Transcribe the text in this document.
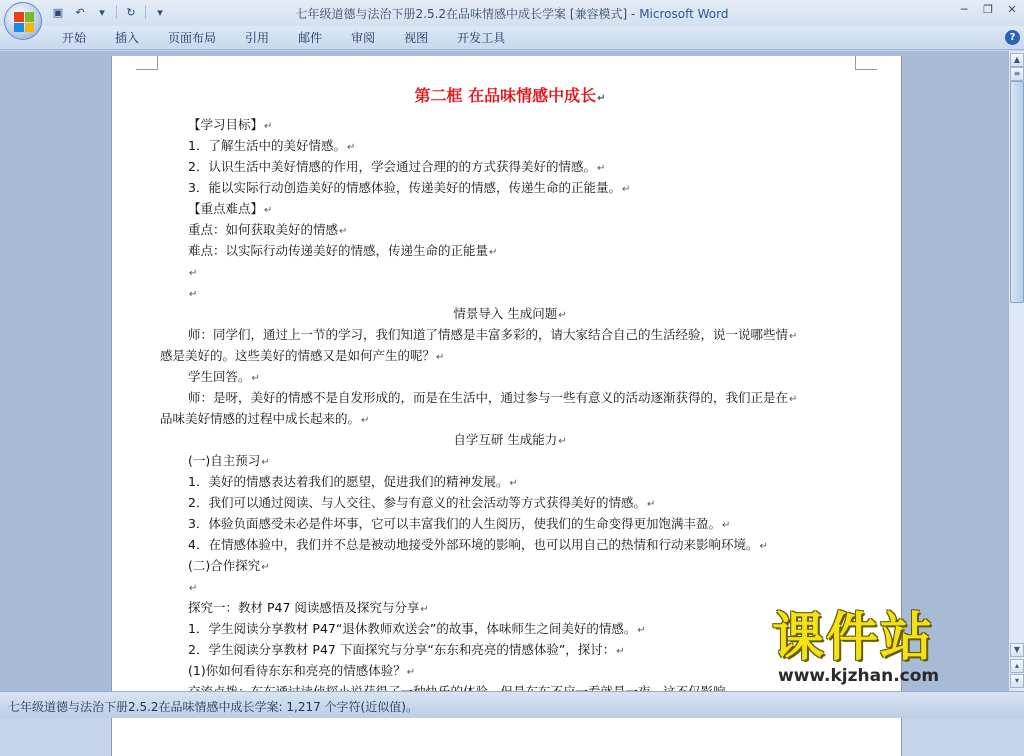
▣	↶	▾	↻	▾	七年级道德与法治下册2.5.2在品味情感中成长学案 [兼容模式] - Microsoft Word	─	❐	✕
开始	插入	页面布局	引用	邮件	审阅	视图	开发工具	?
第二框 在品味情感中成长↵
【学习目标】↵
1．了解生活中的美好情感。↵
2．认识生活中美好情感的作用，学会通过合理的的方式获得美好的情感。↵
3．能以实际行动创造美好的情感体验，传递美好的情感，传递生命的正能量。↵
【重点难点】↵
重点：如何获取美好的情感↵
难点：以实际行动传递美好的情感，传递生命的正能量↵
↵
↵
情景导入 生成问题↵
师：同学们，通过上一节的学习，我们知道了情感是丰富多彩的，请大家结合自己的生活经验，说一说哪些情↵
感是美好的。这些美好的情感又是如何产生的呢？↵
学生回答。↵
师：是呀，美好的情感不是自发形成的，而是在生活中，通过参与一些有意义的活动逐渐获得的，我们正是在↵
品味美好情感的过程中成长起来的。↵
自学互研 生成能力↵
(一)自主预习↵
1．美好的情感表达着我们的愿望，促进我们的精神发展。↵
2．我们可以通过阅读、与人交往、参与有意义的社会活动等方式获得美好的情感。↵
3．体验负面感受未必是件坏事，它可以丰富我们的人生阅历，使我们的生命变得更加饱满丰盈。↵
4．在情感体验中，我们并不总是被动地接受外部环境的影响，也可以用自己的热情和行动来影响环境。↵
(二)合作探究↵
↵
探究一：教材 P47 阅读感悟及探究与分享↵
1．学生阅读分享教材 P47“退休教师欢送会”的故事，体味师生之间美好的情感。↵
2．学生阅读分享教材 P47 下面探究与分享“东东和亮亮的情感体验”，探讨：↵
(1)你如何看待东东和亮亮的情感体验？↵
▲
≡
▼
▴
▾
七年级道德与法治下册2.5.2在品味情感中成长学案: 1,217 个字符(近似值)。
课件站
www.kjzhan.com
